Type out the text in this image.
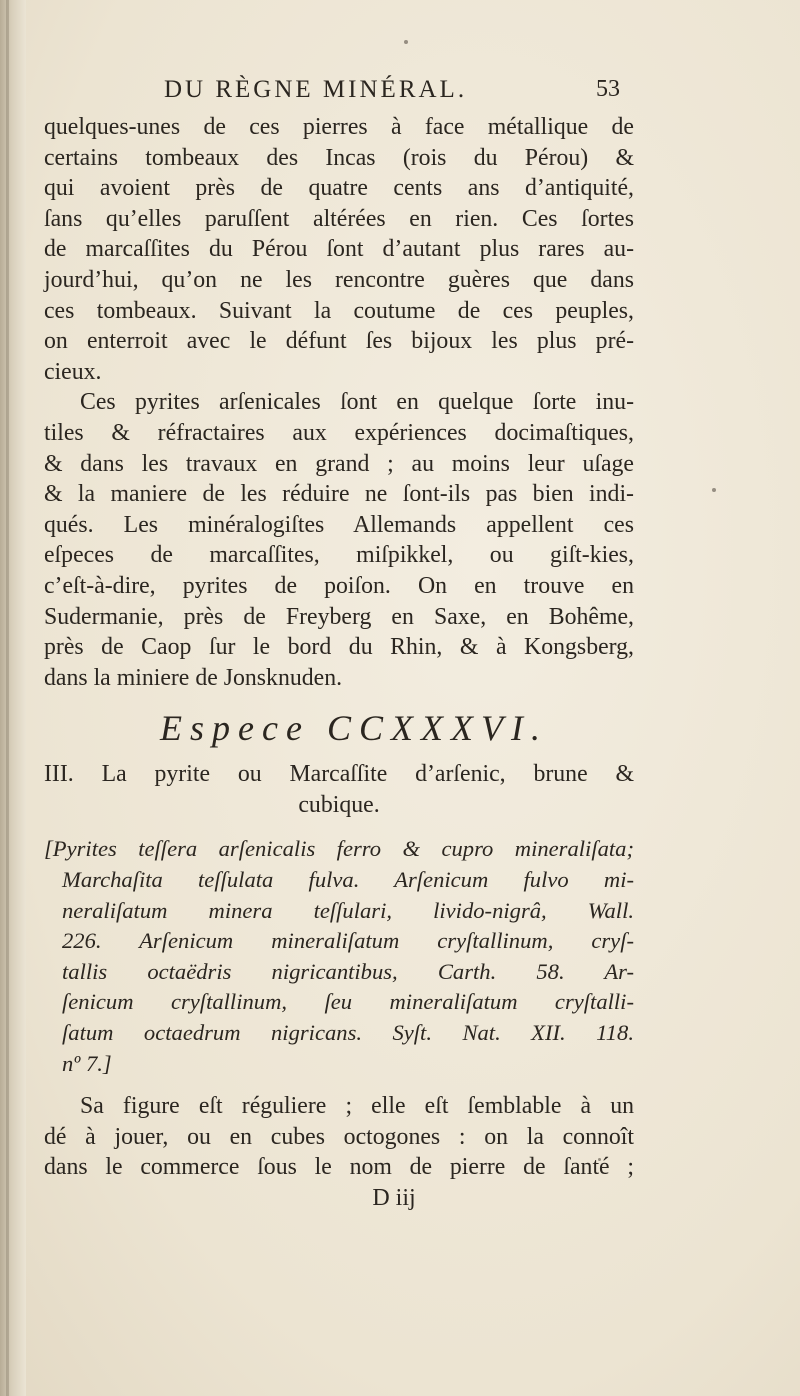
DU RÈGNE MINÉRAL.	53

quelques-unes de ces pierres à face métallique de
certains tombeaux des Incas (rois du Pérou) &
qui avoient près de quatre cents ans d’antiquité,
ſans qu’elles paruſſent altérées en rien. Ces ſortes
de marcaſſites du Pérou ſont d’autant plus rares au-
jourd’hui, qu’on ne les rencontre guères que dans
ces tombeaux. Suivant la coutume de ces peuples,
on enterroit avec le défunt ſes bijoux les plus pré-
cieux.

Ces pyrites arſenicales ſont en quelque ſorte inu-
tiles & réfractaires aux expériences docimaſtiques,
& dans les travaux en grand ; au moins leur uſage
& la maniere de les réduire ne ſont-ils pas bien indi-
qués. Les minéralogiſtes Allemands appellent ces
eſpeces de marcaſſites, miſpikkel, ou giſt-kies,
c’eſt-à-dire, pyrites de poiſon. On en trouve en
Sudermanie, près de Freyberg en Saxe, en Bohême,
près de Caop ſur le bord du Rhin, & à Kongsberg,
dans la miniere de Jonsknuden.

Espece CCXXXVI.
III. La pyrite ou Marcaſſite d’arſenic, brune &
cubique.

[Pyrites teſſera arſenicalis ferro & cupro mineraliſata;
Marchaſita teſſulata fulva. Arſenicum fulvo mi-
neraliſatum minera teſſulari, livido-nigrâ, Wall.
226. Arſenicum mineraliſatum cryſtallinum, cryſ-
tallis octaëdris nigricantibus, Carth. 58. Ar-
ſenicum cryſtallinum, ſeu mineraliſatum cryſtalli-
ſatum octaedrum nigricans. Syſt. Nat. XII. 118.
nº 7.]

Sa figure eſt réguliere ; elle eſt ſemblable à un
dé à jouer, ou en cubes octogones : on la connoît
dans le commerce ſous le nom de pierre de ſanté ;

D iij
